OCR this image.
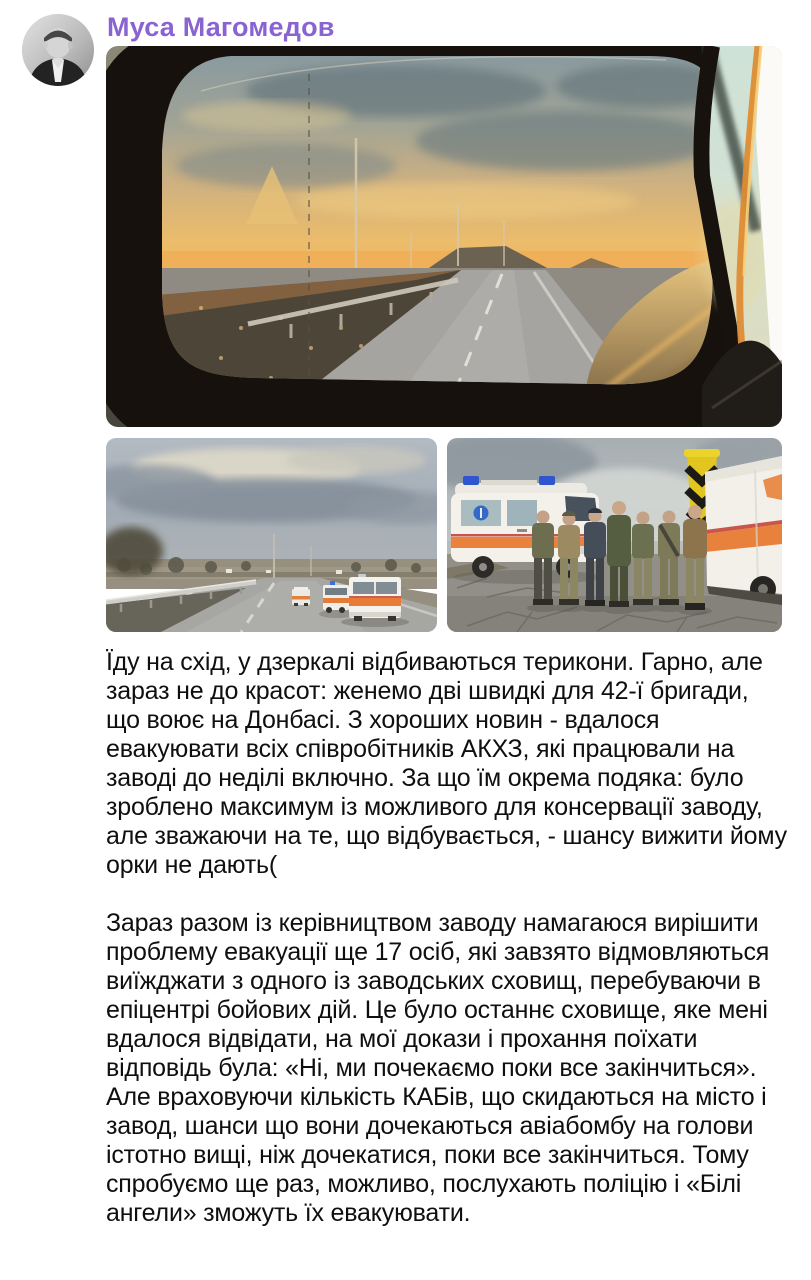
Муса Магомедов

Їду на схід, у дзеркалі відбиваються терикони. Гарно, але зараз не до красот: женемо дві швидкі для 42-ї бригади, що воює на Донбасі. З хороших новин - вдалося евакуювати всіх співробітників АКХЗ, які працювали на заводі до неділі включно. За що їм окрема подяка: було зроблено максимум із можливого для консервації заводу, але зважаючи на те, що відбувається, - шансу вижити йому орки не дають(

Зараз разом із керівництвом заводу намагаюся вирішити проблему евакуації ще 17 осіб, які завзято відмовляються виїжджати з одного із заводських сховищ, перебуваючи в епіцентрі бойових дій. Це було останнє сховище, яке мені вдалося відвідати, на мої докази і прохання поїхати відповідь була: «Ні, ми почекаємо поки все закінчиться». Але враховуючи кількість КАБів, що скидаються на місто і завод, шанси що вони дочекаються авіабомбу на голови істотно вищі, ніж дочекатися, поки все закінчиться. Тому спробуємо ще раз, можливо, послухають поліцію і «Білі ангели» зможуть їх евакуювати.
